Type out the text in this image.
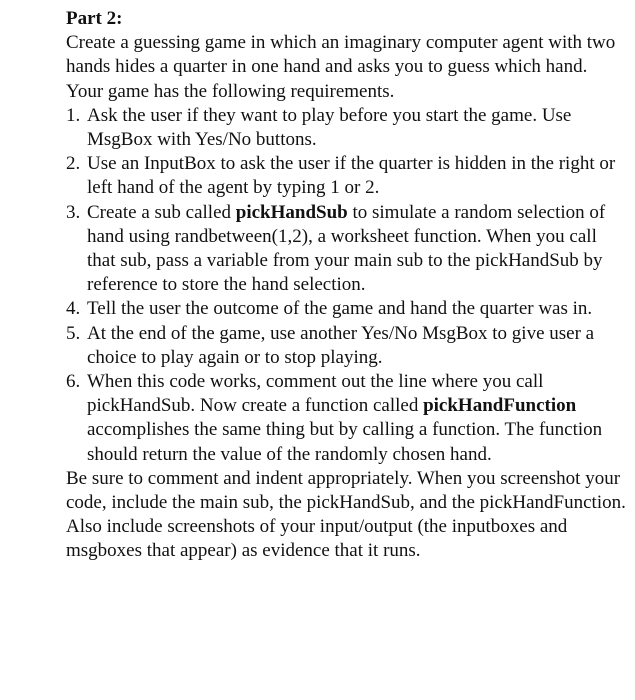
Part 2:

Create a guessing game in which an imaginary computer agent with two hands hides a quarter in one hand and asks you to guess which hand. Your game has the following requirements.

1. Ask the user if they want to play before you start the game. Use MsgBox with Yes/No buttons.
2. Use an InputBox to ask the user if the quarter is hidden in the right or left hand of the agent by typing 1 or 2.
3. Create a sub called pickHandSub to simulate a random selection of hand using randbetween(1,2), a worksheet function. When you call that sub, pass a variable from your main sub to the pickHandSub by reference to store the hand selection.
4. Tell the user the outcome of the game and hand the quarter was in.
5. At the end of the game, use another Yes/No MsgBox to give user a choice to play again or to stop playing.
6. When this code works, comment out the line where you call pickHandSub. Now create a function called pickHandFunction accomplishes the same thing but by calling a function. The function should return the value of the randomly chosen hand.

Be sure to comment and indent appropriately. When you screenshot your code, include the main sub, the pickHandSub, and the pickHandFunction. Also include screenshots of your input/output (the inputboxes and msgboxes that appear) as evidence that it runs.
